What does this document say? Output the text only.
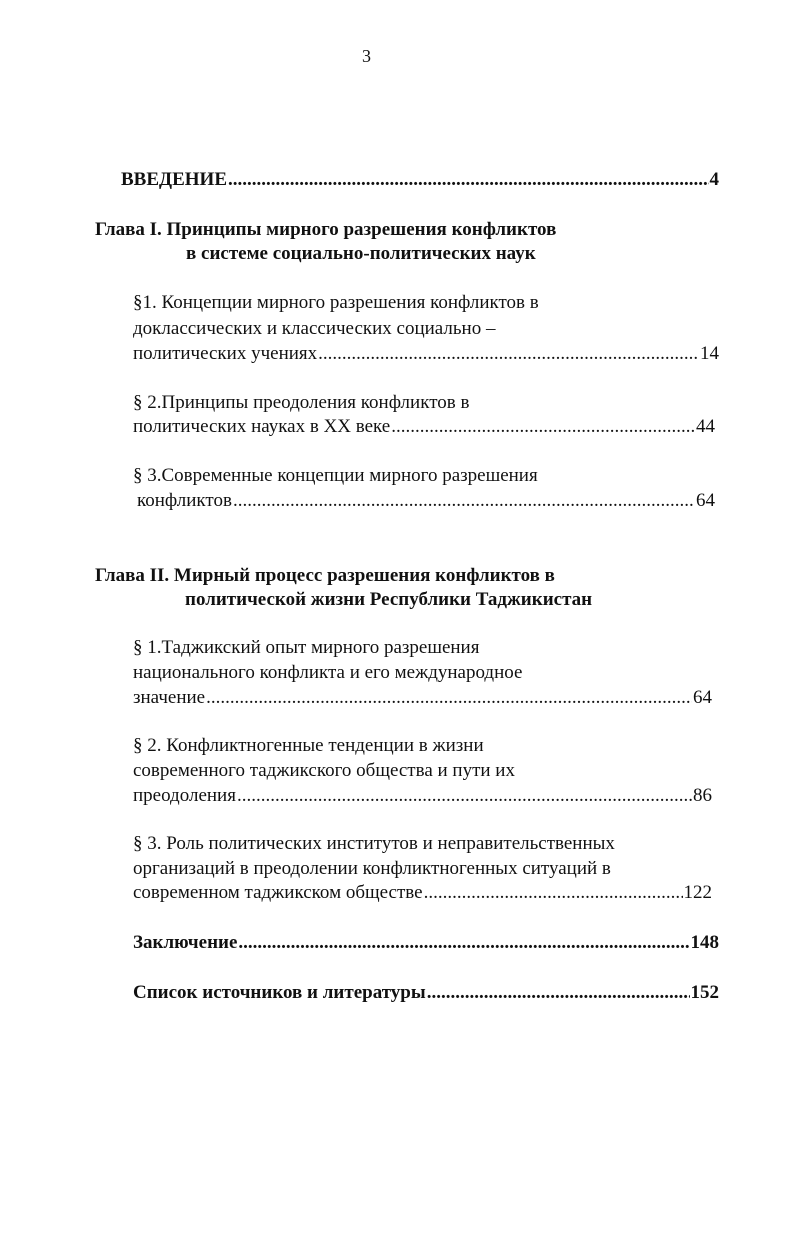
3
ВВЕДЕНИЕ .....	4
Глава I. Принципы мирного разрешения конфликтов
в системе социально-политических наук
§1. Концепции мирного разрешения конфликтов в
доклассических и классических социально –
политических учениях .....	14
§ 2.Принципы преодоления конфликтов в
политических науках в XX веке .....	44
§ 3.Современные концепции мирного разрешения
конфликтов .....	64
Глава II. Мирный процесс разрешения конфликтов в
политической жизни Республики Таджикистан
§ 1.Таджикский опыт мирного разрешения
национального конфликта и его международное
значение .....	64
§ 2. Конфликтногенные тенденции в жизни
современного таджикского общества и пути их
преодоления .....	86
§ 3. Роль политических институтов и неправительственных
организаций в преодолении конфликтногенных ситуаций в
современном таджикском обществе .....	122
Заключение .....	148
Список источников и литературы .....	152
